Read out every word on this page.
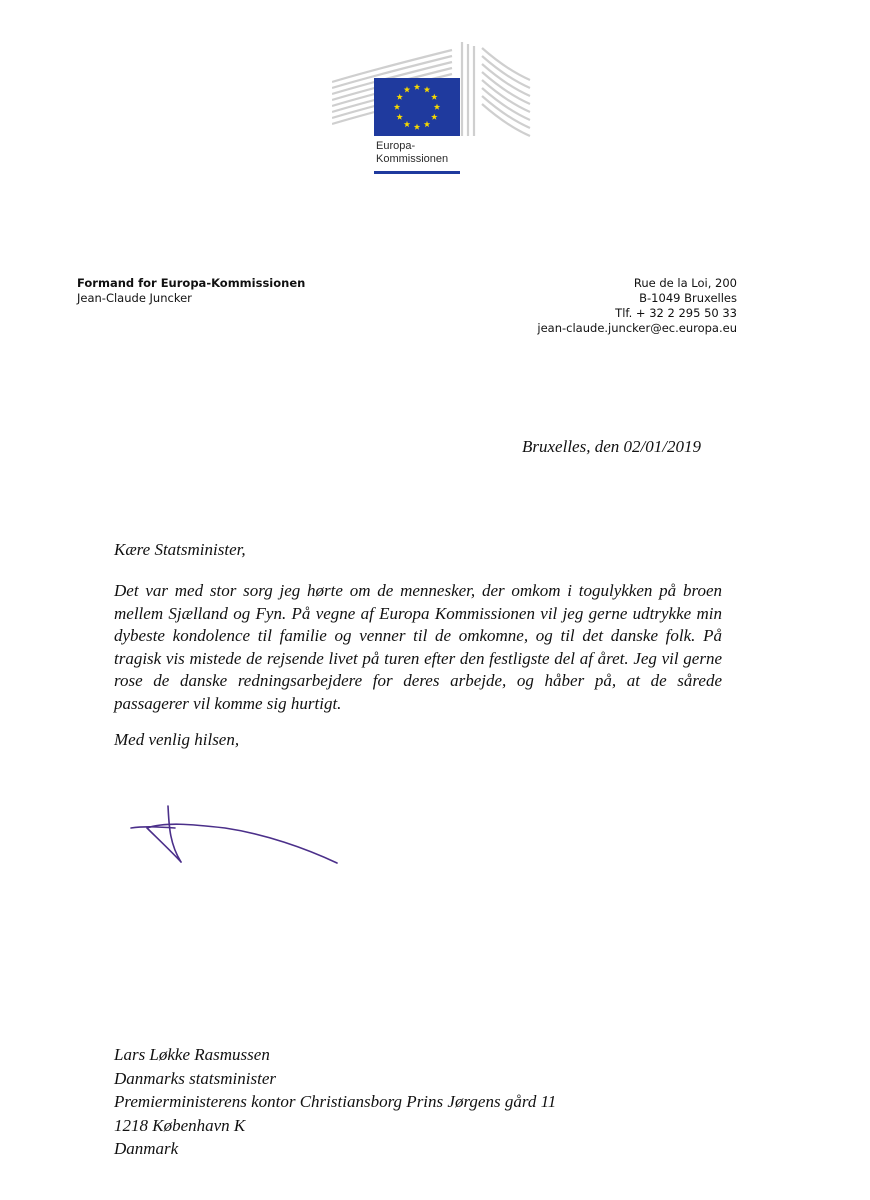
Europa-
Kommissionen
Formand for Europa-Kommissionen
Jean-Claude Juncker
Rue de la Loi, 200
B-1049 Bruxelles
Tlf. + 32 2 295 50 33
jean-claude.juncker@ec.europa.eu
Bruxelles, den 02/01/2019
Kære Statsminister,

Det var med stor sorg jeg hørte om de mennesker, der omkom i togulykken på broen mellem Sjælland og Fyn. På vegne af Europa Kommissionen vil jeg gerne udtrykke min dybeste kondolence til familie og venner til de omkomne, og til det danske folk. På tragisk vis mistede de rejsende livet på turen efter den festligste del af året. Jeg vil gerne rose de danske redningsarbejdere for deres arbejde, og håber på, at de sårede passagerer vil komme sig hurtigt.

Med venlig hilsen,
Lars Løkke Rasmussen
Danmarks statsminister
Premierministerens kontor Christiansborg Prins Jørgens gård 11
1218 København K
Danmark
